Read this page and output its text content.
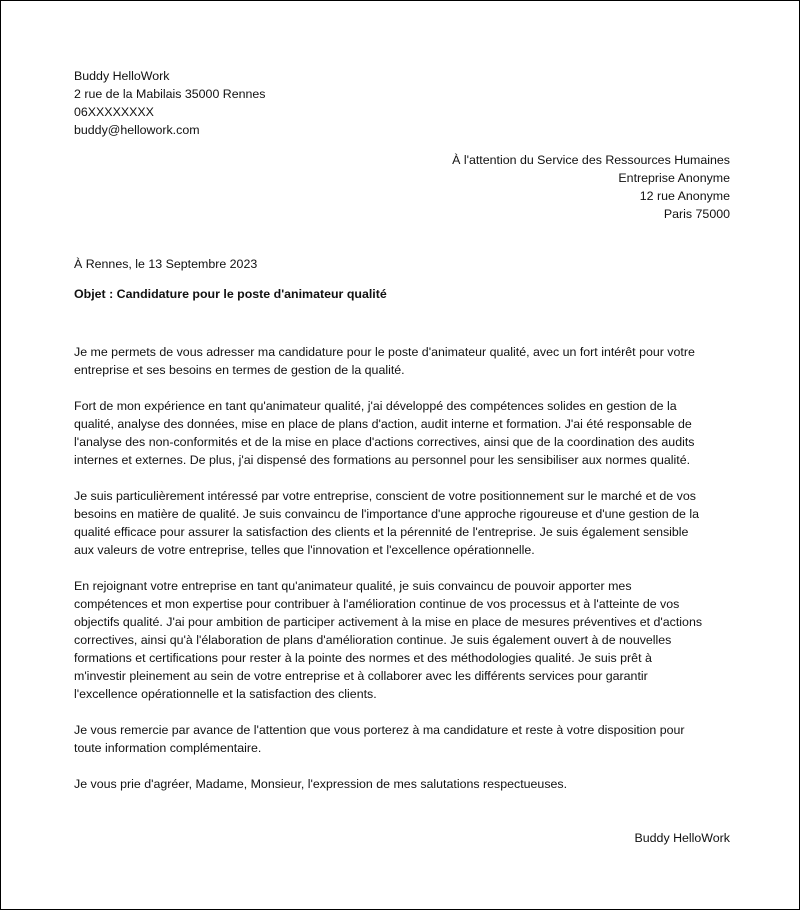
Buddy HelloWork
2 rue de la Mabilais 35000 Rennes
06XXXXXXXX
buddy@hellowork.com
À l'attention du Service des Ressources Humaines
Entreprise Anonyme
12 rue Anonyme
Paris 75000
À Rennes, le 13 Septembre 2023
Objet : Candidature pour le poste d'animateur qualité
Je me permets de vous adresser ma candidature pour le poste d'animateur qualité, avec un fort intérêt pour votre
entreprise et ses besoins en termes de gestion de la qualité.
Fort de mon expérience en tant qu'animateur qualité, j'ai développé des compétences solides en gestion de la
qualité, analyse des données, mise en place de plans d'action, audit interne et formation. J'ai été responsable de
l'analyse des non-conformités et de la mise en place d'actions correctives, ainsi que de la coordination des audits
internes et externes. De plus, j'ai dispensé des formations au personnel pour les sensibiliser aux normes qualité.
Je suis particulièrement intéressé par votre entreprise, conscient de votre positionnement sur le marché et de vos
besoins en matière de qualité. Je suis convaincu de l'importance d'une approche rigoureuse et d'une gestion de la
qualité efficace pour assurer la satisfaction des clients et la pérennité de l'entreprise. Je suis également sensible
aux valeurs de votre entreprise, telles que l'innovation et l'excellence opérationnelle.
En rejoignant votre entreprise en tant qu'animateur qualité, je suis convaincu de pouvoir apporter mes
compétences et mon expertise pour contribuer à l'amélioration continue de vos processus et à l'atteinte de vos
objectifs qualité. J'ai pour ambition de participer activement à la mise en place de mesures préventives et d'actions
correctives, ainsi qu'à l'élaboration de plans d'amélioration continue. Je suis également ouvert à de nouvelles
formations et certifications pour rester à la pointe des normes et des méthodologies qualité. Je suis prêt à
m'investir pleinement au sein de votre entreprise et à collaborer avec les différents services pour garantir
l'excellence opérationnelle et la satisfaction des clients.
Je vous remercie par avance de l'attention que vous porterez à ma candidature et reste à votre disposition pour
toute information complémentaire.
Je vous prie d'agréer, Madame, Monsieur, l'expression de mes salutations respectueuses.
Buddy HelloWork
